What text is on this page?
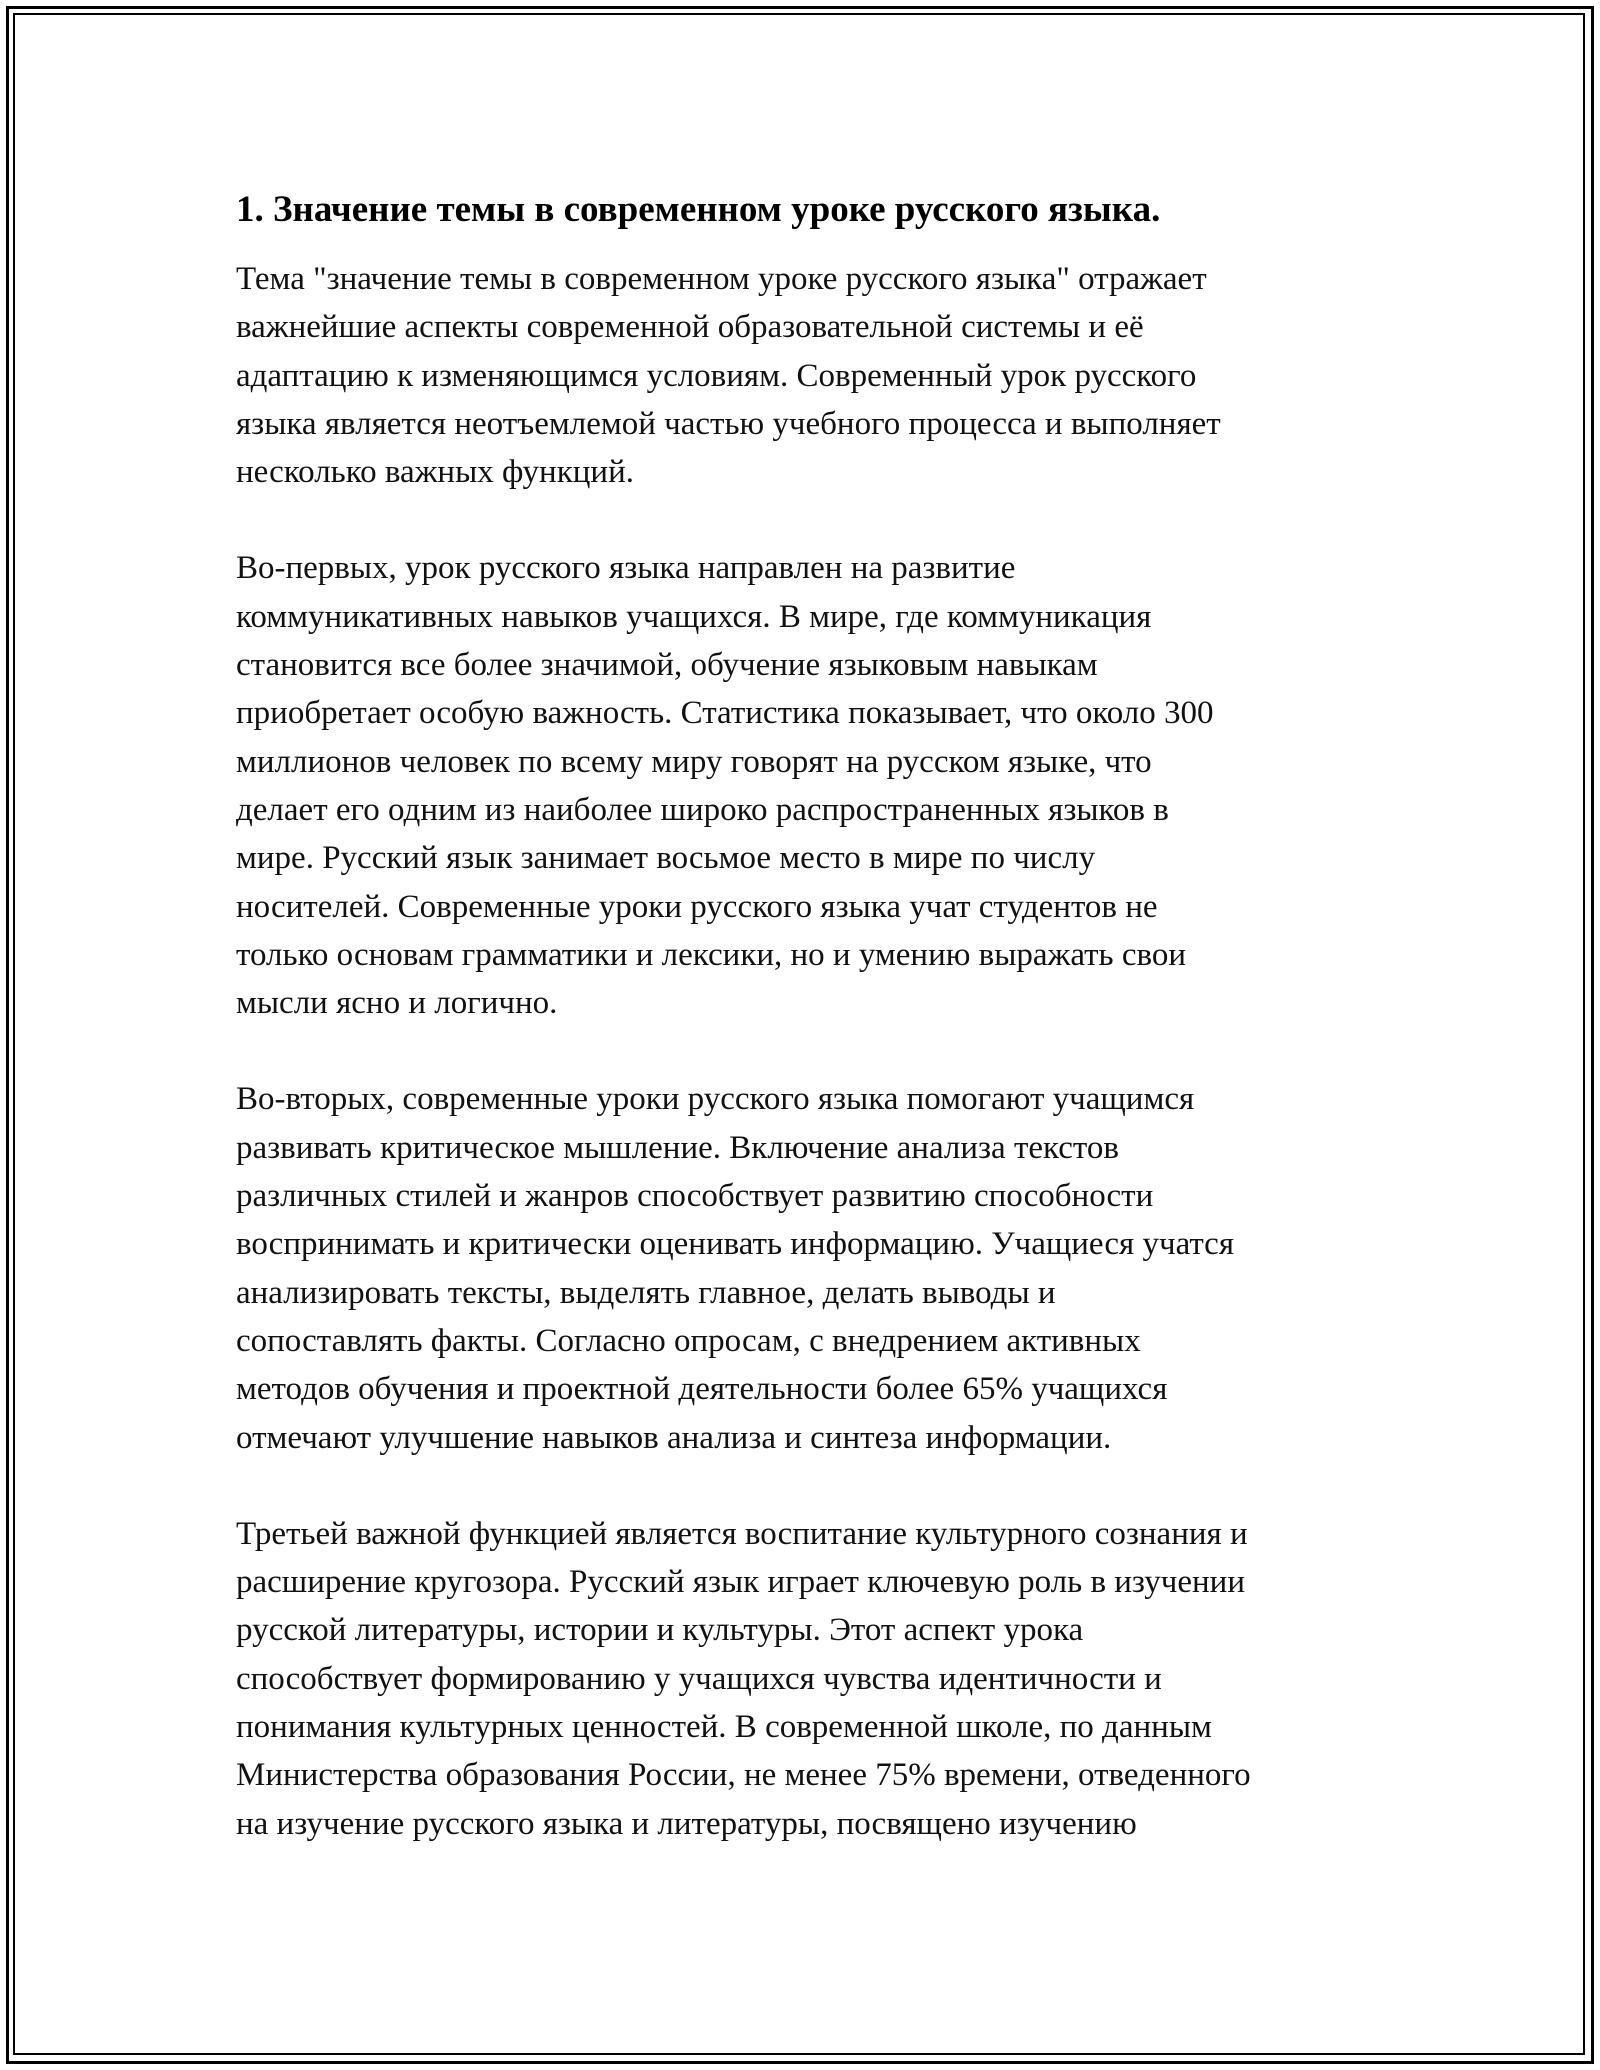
1. Значение темы в современном уроке русского языка.
Тема "значение темы в современном уроке русского языка" отражает
важнейшие аспекты современной образовательной системы и её
адаптацию к изменяющимся условиям. Современный урок русского
языка является неотъемлемой частью учебного процесса и выполняет
несколько важных функций.
Во-первых, урок русского языка направлен на развитие
коммуникативных навыков учащихся. В мире, где коммуникация
становится все более значимой, обучение языковым навыкам
приобретает особую важность. Статистика показывает, что около 300
миллионов человек по всему миру говорят на русском языке, что
делает его одним из наиболее широко распространенных языков в
мире. Русский язык занимает восьмое место в мире по числу
носителей. Современные уроки русского языка учат студентов не
только основам грамматики и лексики, но и умению выражать свои
мысли ясно и логично.
Во-вторых, современные уроки русского языка помогают учащимся
развивать критическое мышление. Включение анализа текстов
различных стилей и жанров способствует развитию способности
воспринимать и критически оценивать информацию. Учащиеся учатся
анализировать тексты, выделять главное, делать выводы и
сопоставлять факты. Согласно опросам, с внедрением активных
методов обучения и проектной деятельности более 65% учащихся
отмечают улучшение навыков анализа и синтеза информации.
Третьей важной функцией является воспитание культурного сознания и
расширение кругозора. Русский язык играет ключевую роль в изучении
русской литературы, истории и культуры. Этот аспект урока
способствует формированию у учащихся чувства идентичности и
понимания культурных ценностей. В современной школе, по данным
Министерства образования России, не менее 75% времени, отведенного
на изучение русского языка и литературы, посвящено изучению
